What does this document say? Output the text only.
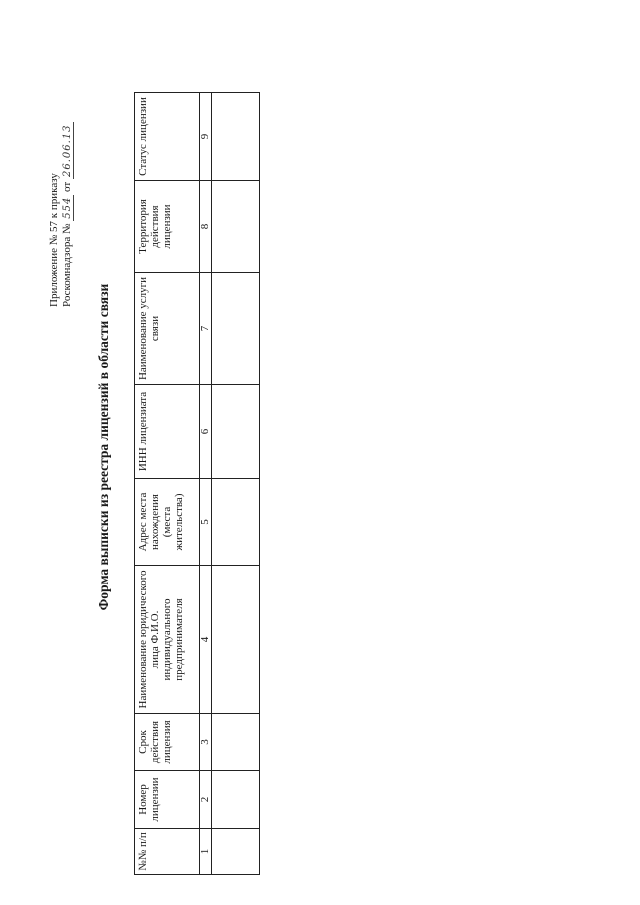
Приложение № 57 к приказу Роскомнадзора № 554 от 26.06.13
Форма выписки из реестра лицензий в области связи
№№ п/п	Номер лицензии	Срок действия лицензия	Наименование юридического лица Ф.И.О. индивидуального предпринимателя	Адрес места нахождения (места жительства)	ИНН лицензиата	Наименование услуги связи	Территория действия лицензии	Статус лицензии
1	2	3	4	5	6	7	8	9
